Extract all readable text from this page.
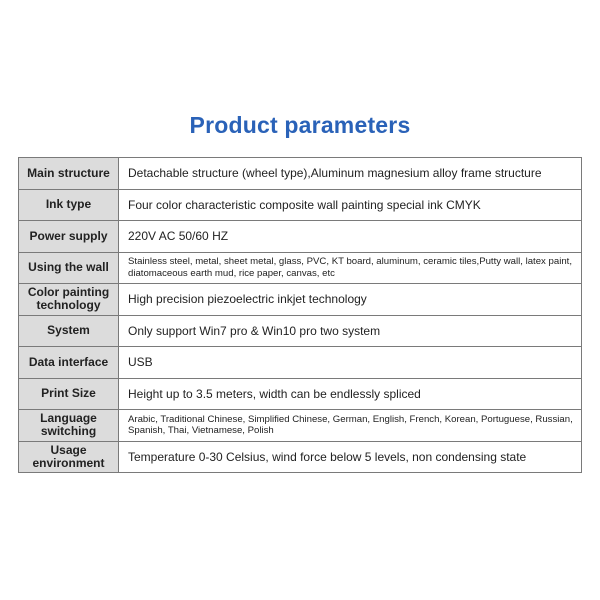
Product parameters
Main structure	Detachable structure (wheel type),Aluminum magnesium alloy frame structure
Ink type	Four color characteristic composite wall painting special ink CMYK
Power supply	220V AC 50/60 HZ
Using the wall	Stainless steel, metal, sheet metal, glass, PVC, KT board, aluminum, ceramic tiles,Putty wall, latex paint, diatomaceous earth mud, rice paper, canvas, etc
Color painting technology	High precision piezoelectric inkjet technology
System	Only support Win7 pro & Win10 pro two system
Data interface	USB
Print Size	Height up to 3.5 meters, width can be endlessly spliced
Language switching	Arabic, Traditional Chinese, Simplified Chinese, German, English, French, Korean, Portuguese, Russian, Spanish, Thai, Vietnamese, Polish
Usage environment	Temperature 0-30 Celsius, wind force below 5 levels, non condensing state
